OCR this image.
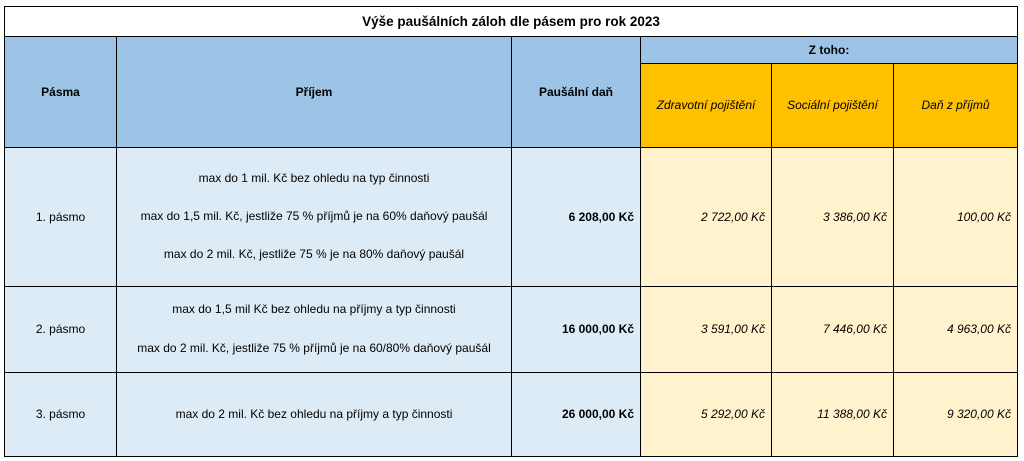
Výše paušálních záloh dle pásem pro rok 2023					
Pásma	Příjem	Paušální daň	Z toho:		
			Zdravotní pojištění	Sociální pojištění	Daň z příjmů
1. pásmo	max do 1 mil. Kč bez ohledu na typ činnosti
max do 1,5 mil. Kč, jestliže 75 % příjmů je na 60% daňový paušál
max do 2 mil. Kč, jestliže 75 % je na 80% daňový paušál	6 208,00 Kč	2 722,00 Kč	3 386,00 Kč	100,00 Kč
2. pásmo	max do 1,5 mil Kč bez ohledu na příjmy a typ činnosti
max do 2 mil. Kč, jestliže 75 % příjmů je na 60/80% daňový paušál	16 000,00 Kč	3 591,00 Kč	7 446,00 Kč	4 963,00 Kč
3. pásmo	max do 2 mil. Kč bez ohledu na příjmy a typ činnosti	26 000,00 Kč	5 292,00 Kč	11 388,00 Kč	9 320,00 Kč
